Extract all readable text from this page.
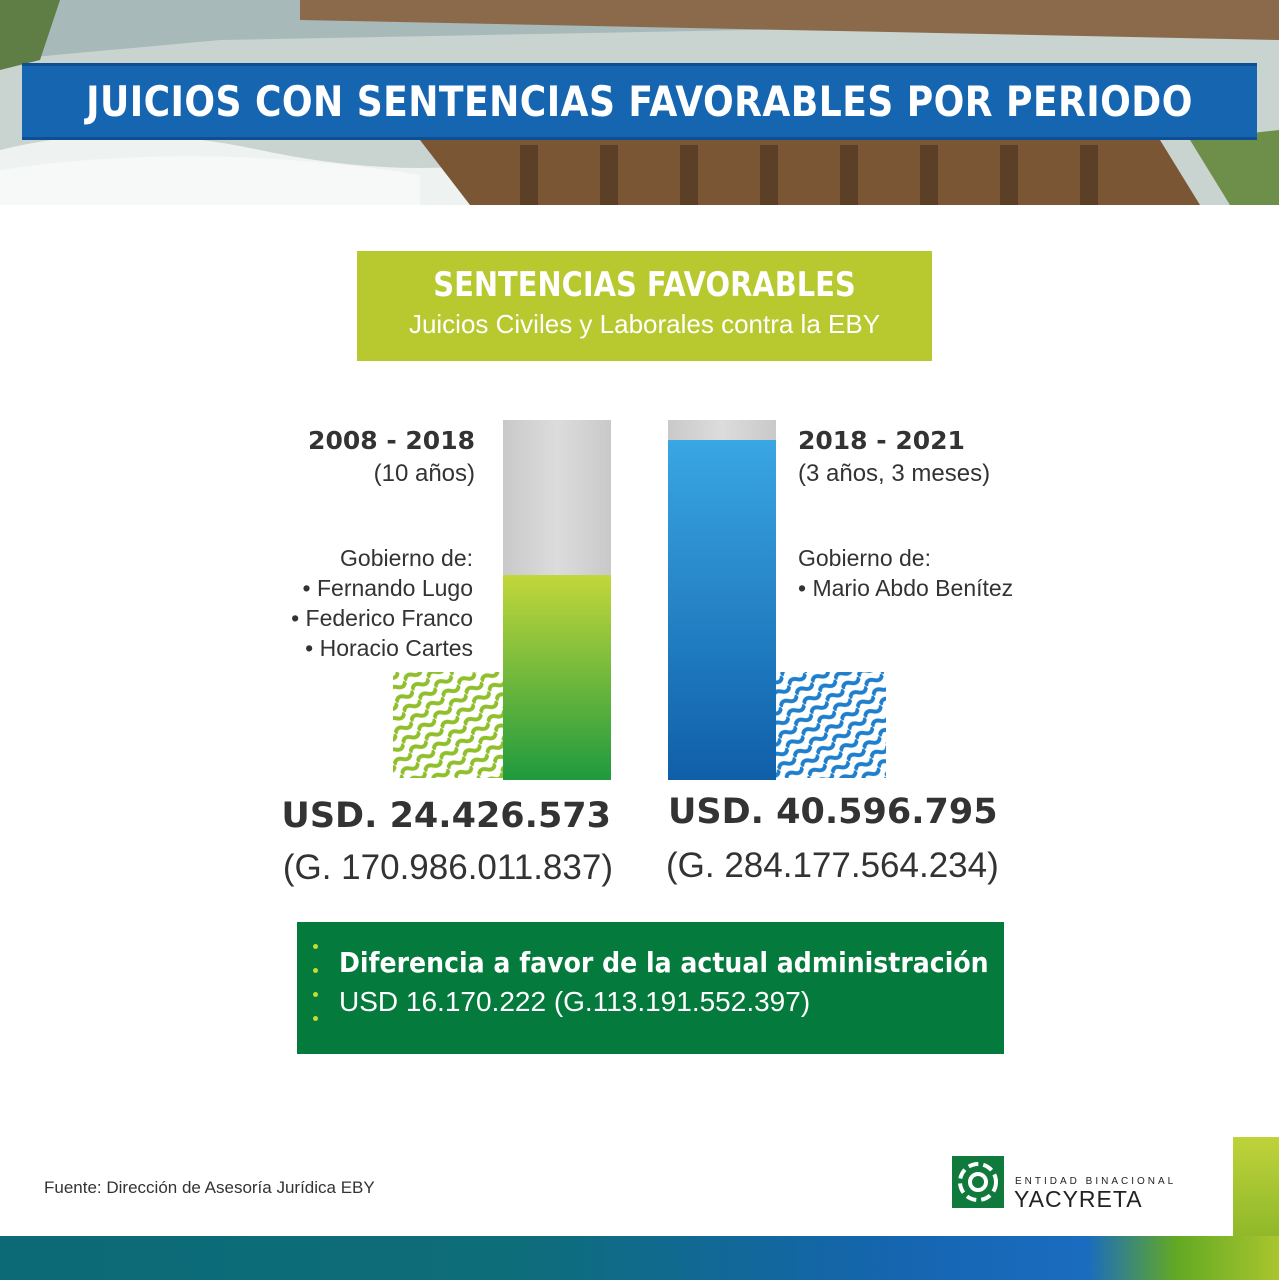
JUICIOS CON SENTENCIAS FAVORABLES POR PERIODO
SENTENCIAS FAVORABLES
Juicios Civiles y Laborales contra la EBY
2008 - 2018
(10 años)
Gobierno de:
• Fernando Lugo
• Federico Franco
• Horacio Cartes
2018 - 2021
(3 años, 3 meses)
Gobierno de:
• Mario Abdo Benítez
USD. 24.426.573
(G. 170.986.011.837)
USD. 40.596.795
(G. 284.177.564.234)
Diferencia a favor de la actual administración
USD 16.170.222 (G.113.191.552.397)
Fuente: Dirección de Asesoría Jurídica EBY	ENTIDAD BINACIONAL
YACYRETA
